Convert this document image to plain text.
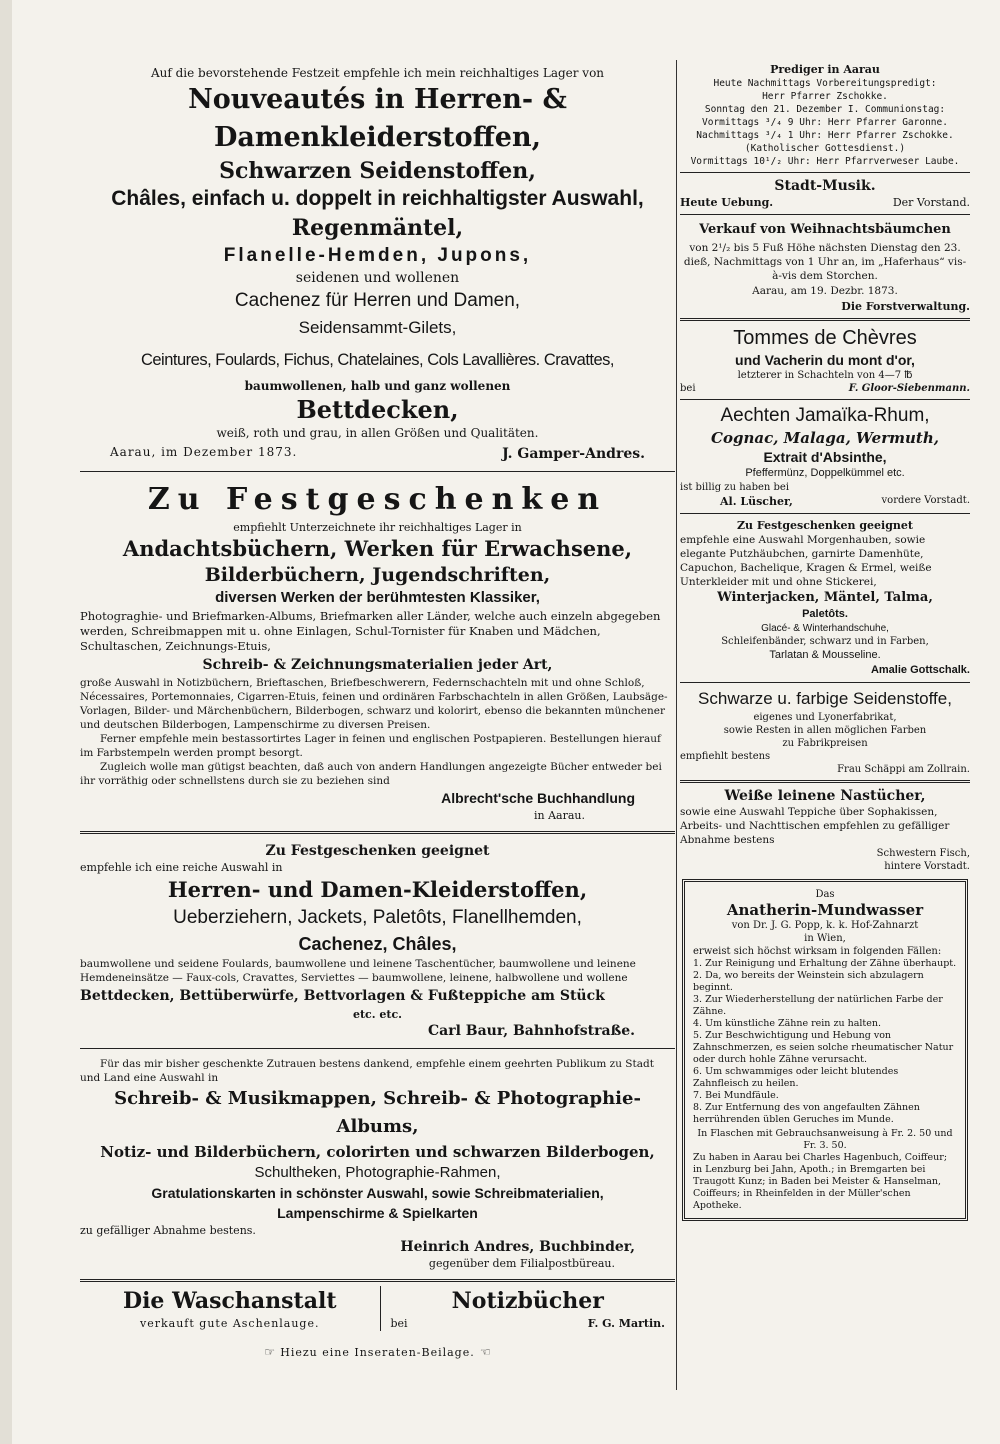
Auf die bevorstehende Festzeit empfehle ich mein reichhaltiges Lager von
Nouveautés in Herren- & Damenkleiderstoffen,
Schwarzen Seidenstoffen,
Châles, einfach u. doppelt in reichhaltigster Auswahl,
Regenmäntel,
Flanelle-Hemden, Jupons,
seidenen und wollenen
Cachenez für Herren und Damen,
Seidensammt-Gilets,
Ceintures, Foulards, Fichus, Chatelaines, Cols Lavallières. Cravattes,
baumwollenen, halb und ganz wollenen
Bettdecken,
weiß, roth und grau, in allen Größen und Qualitäten.
Aarau, im Dezember 1873.	J. Gamper-Andres.
Zu Festgeschenken
empfiehlt Unterzeichnete ihr reichhaltiges Lager in
Andachtsbüchern, Werken für Erwachsene,
Bilderbüchern, Jugendschriften,
diversen Werken der berühmtesten Klassiker,
Photograghie- und Briefmarken-Albums, Briefmarken aller Länder, welche auch einzeln abgegeben werden, Schreibmappen mit u. ohne Einlagen, Schul-Tornister für Knaben und Mädchen, Schultaschen, Zeichnungs-Etuis,
Schreib- & Zeichnungsmaterialien jeder Art,
große Auswahl in Notizbüchern, Brieftaschen, Briefbeschwerern, Federnschachteln mit und ohne Schloß, Nécessaires, Portemonnaies, Cigarren-Etuis, feinen und ordinären Farbschachteln in allen Größen, Laubsäge-Vorlagen, Bilder- und Märchenbüchern, Bilderbogen, schwarz und kolorirt, ebenso die bekannten münchener und deutschen Bilderbogen, Lampenschirme zu diversen Preisen.
Ferner empfehle mein bestassortirtes Lager in feinen und englischen Postpapieren. Bestellungen hierauf im Farbstempeln werden prompt besorgt.
Zugleich wolle man gütigst beachten, daß auch von andern Handlungen angezeigte Bücher entweder bei ihr vorräthig oder schnellstens durch sie zu beziehen sind
Albrecht'sche Buchhandlung
in Aarau.
Zu Festgeschenken geeignet
empfehle ich eine reiche Auswahl in
Herren- und Damen-Kleiderstoffen,
Ueberziehern, Jackets, Paletôts, Flanellhemden,
Cachenez, Châles,
baumwollene und seidene Foulards, baumwollene und leinene Taschentücher, baumwollene und leinene Hemdeneinsätze — Faux-cols, Cravattes, Serviettes — baumwollene, leinene, halbwollene und wollene
Bettdecken, Bettüberwürfe, Bettvorlagen & Fußteppiche am Stück
etc. etc.
Carl Baur, Bahnhofstraße.
Für das mir bisher geschenkte Zutrauen bestens dankend, empfehle einem geehrten Publikum zu Stadt und Land eine Auswahl in
Schreib- & Musikmappen, Schreib- & Photographie-Albums,
Notiz- und Bilderbüchern, colorirten und schwarzen Bilderbogen,
Schultheken, Photographie-Rahmen,
Gratulationskarten in schönster Auswahl, sowie Schreibmaterialien,
Lampenschirme & Spielkarten
zu gefälliger Abnahme bestens.
Heinrich Andres, Buchbinder,
gegenüber dem Filialpostbüreau.
Die Waschanstalt
verkauft gute Aschenlauge.
Notizbücher
bei	F. G. Martin.
☞ Hiezu eine Inseraten-Beilage. ☜
Prediger in Aarau
Heute Nachmittags Vorbereitungspredigt:
Herr Pfarrer Zschokke.
Sonntag den 21. Dezember I. Communionstag:
Vormittags ³/₄ 9 Uhr: Herr Pfarrer Garonne.
Nachmittags ³/₄ 1 Uhr: Herr Pfarrer Zschokke.
(Katholischer Gottesdienst.)
Vormittags 10¹/₂ Uhr: Herr Pfarrverweser Laube.
Stadt-Musik.
Heute Uebung.	Der Vorstand.
Verkauf von Weihnachtsbäumchen
von 2¹/₂ bis 5 Fuß Höhe nächsten Dienstag den 23. dieß, Nachmittags von 1 Uhr an, im „Haferhaus“ vis-à-vis dem Storchen.
Aarau, am 19. Dezbr. 1873.
Die Forstverwaltung.
Tommes de Chèvres
und Vacherin du mont d'or,
letzterer in Schachteln von 4—7 ℔
bei	F. Gloor-Siebenmann.
Aechten Jamaïka-Rhum,
Cognac, Malaga, Wermuth,
Extrait d'Absinthe,
Pfeffermünz, Doppelkümmel etc.
ist billig zu haben bei
Al. Lüscher,	vordere Vorstadt.
Zu Festgeschenken geeignet
empfehle eine Auswahl Morgenhauben, sowie elegante Putzhäubchen, garnirte Damenhüte, Capuchon, Bachelique, Kragen & Ermel, weiße Unterkleider mit und ohne Stickerei,
Winterjacken, Mäntel, Talma,
Paletôts.
Glacé- & Winterhandschuhe,
Schleifenbänder, schwarz und in Farben,
Tarlatan & Mousseline.
Amalie Gottschalk.
Schwarze u. farbige Seidenstoffe,
eigenes und Lyonerfabrikat,
sowie Resten in allen möglichen Farben
zu Fabrikpreisen
empfiehlt bestens
Frau Schäppi am Zollrain.
Weiße leinene Nastücher,
sowie eine Auswahl Teppiche über Sophakissen, Arbeits- und Nachttischen empfehlen zu gefälliger Abnahme bestens
Schwestern Fisch,
hintere Vorstadt.
Das
Anatherin-Mundwasser
von Dr. J. G. Popp, k. k. Hof-Zahnarzt
in Wien,
erweist sich höchst wirksam in folgenden Fällen:
1. Zur Reinigung und Erhaltung der Zähne überhaupt.
2. Da, wo bereits der Weinstein sich abzulagern beginnt.
3. Zur Wiederherstellung der natürlichen Farbe der Zähne.
4. Um künstliche Zähne rein zu halten.
5. Zur Beschwichtigung und Hebung von Zahnschmerzen, es seien solche rheumatischer Natur oder durch hohle Zähne verursacht.
6. Um schwammiges oder leicht blutendes Zahnfleisch zu heilen.
7. Bei Mundfäule.
8. Zur Entfernung des von angefaulten Zähnen herrührenden üblen Geruches im Munde.
In Flaschen mit Gebrauchsanweisung à Fr. 2. 50 und Fr. 3. 50.
Zu haben in Aarau bei Charles Hagenbuch, Coiffeur; in Lenzburg bei Jahn, Apoth.; in Bremgarten bei Traugott Kunz; in Baden bei Meister & Hanselman, Coiffeurs; in Rheinfelden in der Müller'schen Apotheke.
